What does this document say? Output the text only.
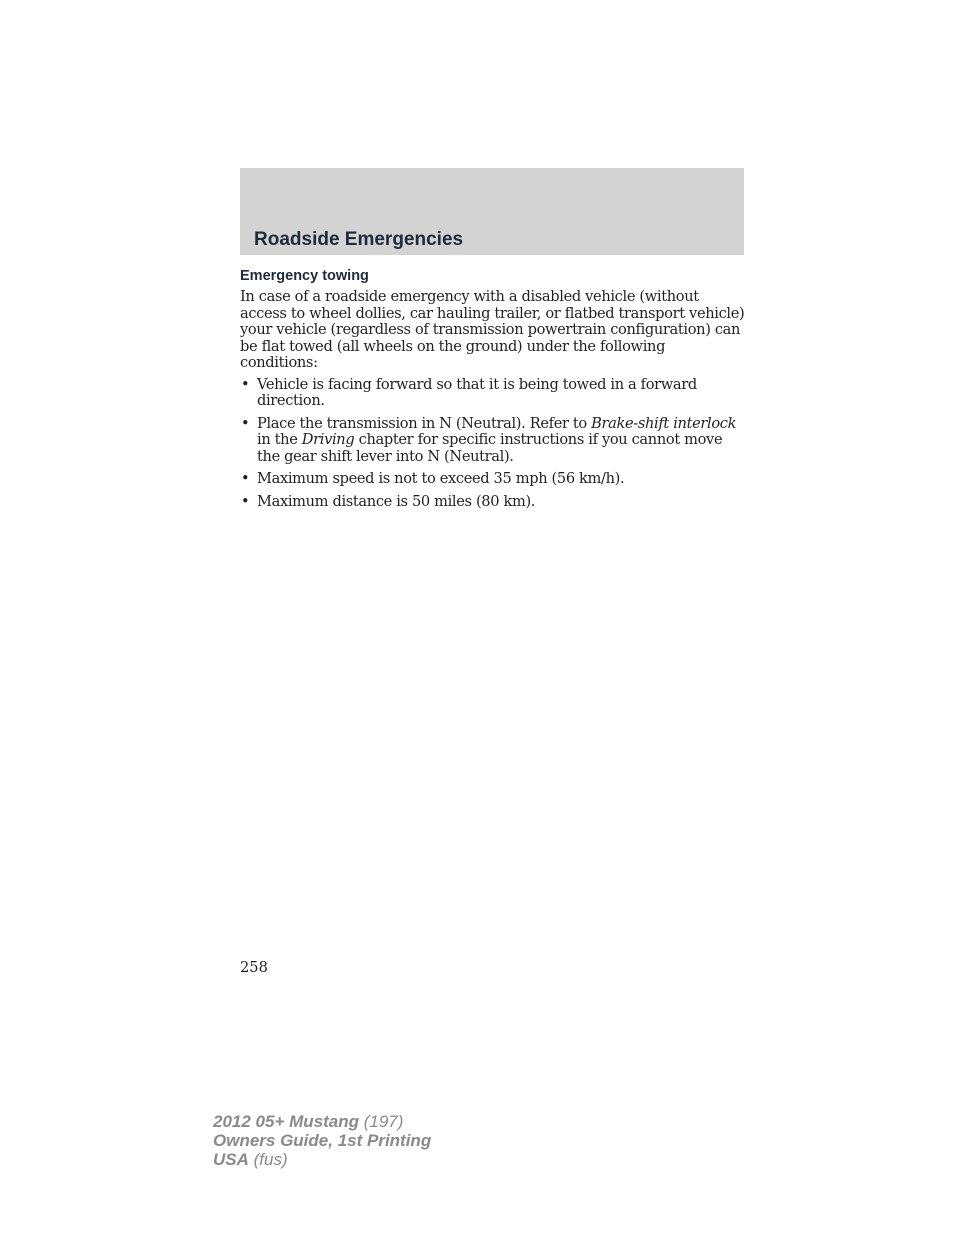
Roadside Emergencies
Emergency towing

In case of a roadside emergency with a disabled vehicle (without access to wheel dollies, car hauling trailer, or flatbed transport vehicle) your vehicle (regardless of transmission powertrain configuration) can be flat towed (all wheels on the ground) under the following conditions:

• Vehicle is facing forward so that it is being towed in a forward direction.
• Place the transmission in N (Neutral). Refer to Brake-shift interlock in the Driving chapter for specific instructions if you cannot move the gear shift lever into N (Neutral).
• Maximum speed is not to exceed 35 mph (56 km/h).
• Maximum distance is 50 miles (80 km).
258
2012 05+ Mustang (197)
Owners Guide, 1st Printing
USA (fus)
